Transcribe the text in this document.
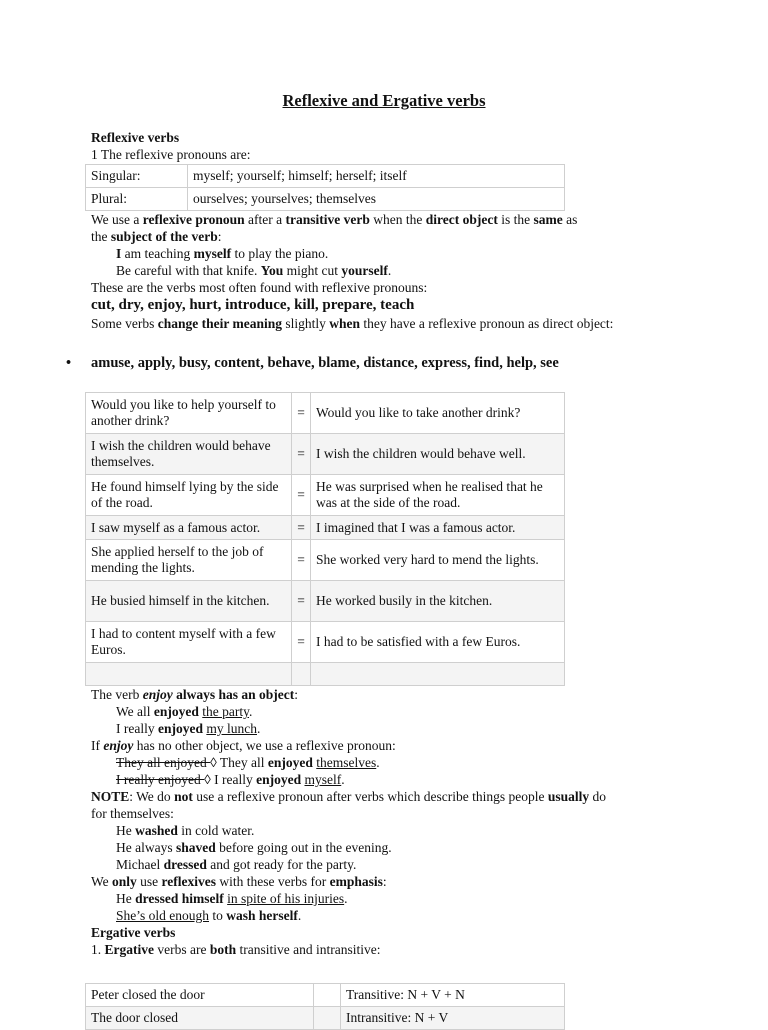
Reflexive and Ergative verbs
Reflexive verbs
1 The reflexive pronouns are:
Singular:	myself; yourself; himself; herself; itself
Plural:	ourselves; yourselves; themselves
We use a reflexive pronoun after a transitive verb when the direct object is the same as
the subject of the verb:
I am teaching myself to play the piano.
Be careful with that knife. You might cut yourself.
These are the verbs most often found with reflexive pronouns:
cut, dry, enjoy, hurt, introduce, kill, prepare, teach
Some verbs change their meaning slightly when they have a reflexive pronoun as direct object:
• amuse, apply, busy, content, behave, blame, distance, express, find, help, see
Would you like to help yourself to another drink?	=	Would you like to take another drink?
I wish the children would behave themselves.	=	I wish the children would behave well.
He found himself lying by the side of the road.	=	He was surprised when he realised that he was at the side of the road.
I saw myself as a famous actor.	=	I imagined that I was a famous actor.
She applied herself to the job of mending the lights.	=	She worked very hard to mend the lights.
He busied himself in the kitchen.	=	He worked busily in the kitchen.
I had to content myself with a few Euros.	=	I had to be satisfied with a few Euros.

The verb enjoy always has an object:
We all enjoyed the party.
I really enjoyed my lunch.
If enjoy has no other object, we use a reflexive pronoun:
They all enjoyed ◊ They all enjoyed themselves.
I really enjoyed ◊ I really enjoyed myself.
NOTE: We do not use a reflexive pronoun after verbs which describe things people usually do
for themselves:
He washed in cold water.
He always shaved before going out in the evening.
Michael dressed and got ready for the party.
We only use reflexives with these verbs for emphasis:
He dressed himself in spite of his injuries.
She’s old enough to wash herself.
Ergative verbs
1. Ergative verbs are both transitive and intransitive:
Peter closed the door		Transitive: N + V + N
The door closed		Intransitive: N + V
